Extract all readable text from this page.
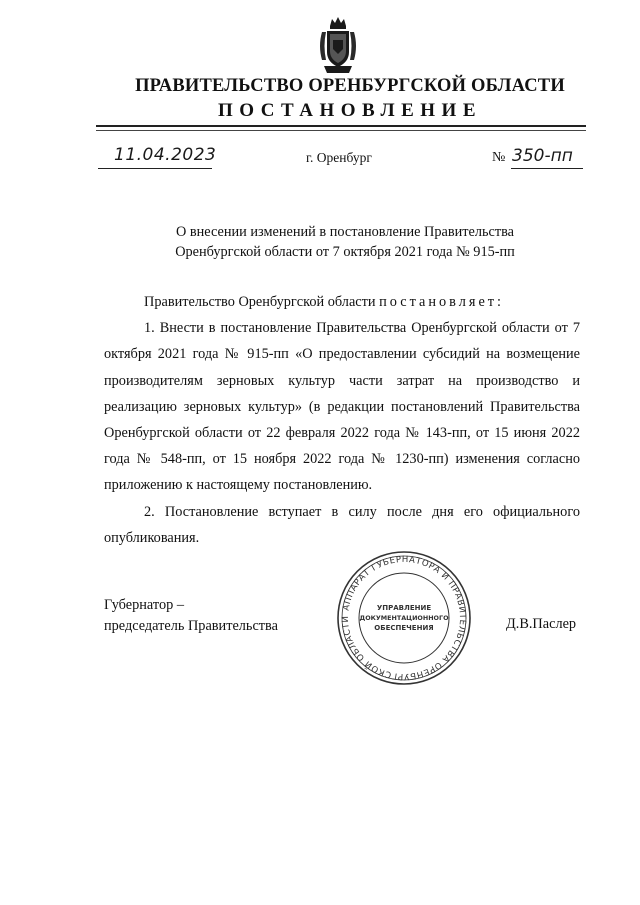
ПРАВИТЕЛЬСТВО ОРЕНБУРГСКОЙ ОБЛАСТИ
ПОСТАНОВЛЕНИЕ
11.04.2023	г. Оренбург	№ 350-пп
О внесении изменений в постановление Правительства
Оренбургской области от 7 октября 2021 года № 915-пп

Правительство Оренбургской области постановляет:

1. Внести в постановление Правительства Оренбургской области от 7 октября 2021 года № 915-пп «О предоставлении субсидий на возмещение производителям зерновых культур части затрат на производство и реализацию зерновых культур» (в редакции постановлений Правительства Оренбургской области от 22 февраля 2022 года № 143-пп, от 15 июня 2022 года № 548-пп, от 15 ноября 2022 года № 1230-пп) изменения согласно приложению к настоящему постановлению.

2. Постановление вступает в силу после дня его официального опубликования.

Губернатор –
председатель Правительства
АППАРАТ ГУБЕРНАТОРА И ПРАВИТЕЛЬСТВА ОРЕНБУРГСКОЙ ОБЛАСТИ
УПРАВЛЕНИЕ
ДОКУМЕНТАЦИОННОГО
ОБЕСПЕЧЕНИЯ	Д.В.Паслер
